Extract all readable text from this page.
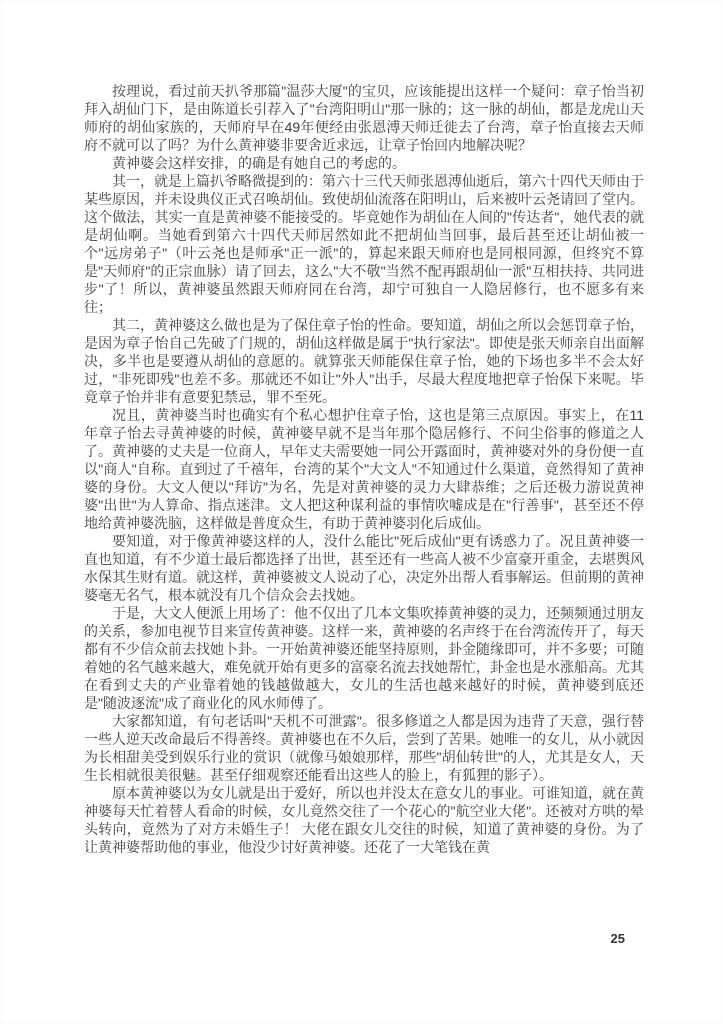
按理说，看过前天扒爷那篇"温莎大厦"的宝贝，应该能提出这样一个疑问：章子怡当初拜入胡仙门下，是由陈道长引荐入了"台湾阳明山"那一脉的；这一脉的胡仙，都是龙虎山天师府的胡仙家族的，天师府早在49年便经由张恩溥天师迁徙去了台湾，章子怡直接去天师府不就可以了吗？为什么黄神婆非要舍近求远，让章子怡回内地解决呢？

黄神婆会这样安排，的确是有她自己的考虑的。

其一，就是上篇扒爷略微提到的：第六十三代天师张恩溥仙逝后，第六十四代天师由于某些原因，并未设典仪正式召唤胡仙。致使胡仙流落在阳明山，后来被叶云尧请回了堂内。这个做法，其实一直是黄神婆不能接受的。毕竟她作为胡仙在人间的"传达者"，她代表的就是胡仙啊。当她看到第六十四代天师居然如此不把胡仙当回事，最后甚至还让胡仙被一个"远房弟子"（叶云尧也是师承"正一派"的，算起来跟天师府也是同根同源，但终究不算是"天师府"的正宗血脉）请了回去，这么"大不敬"当然不配再跟胡仙一派"互相扶持、共同进步"了！所以，黄神婆虽然跟天师府同在台湾，却宁可独自一人隐居修行，也不愿多有来往；

其二，黄神婆这么做也是为了保住章子怡的性命。要知道，胡仙之所以会惩罚章子怡，是因为章子怡自己先破了门规的，胡仙这样做是属于"执行家法"。即使是张天师亲自出面解决，多半也是要遵从胡仙的意愿的。就算张天师能保住章子怡，她的下场也多半不会太好过，"非死即残"也差不多。那就还不如让"外人"出手，尽最大程度地把章子怡保下来呢。毕竟章子怡并非有意要犯禁忌，罪不至死。

况且，黄神婆当时也确实有个私心想护住章子怡，这也是第三点原因。事实上，在11年章子怡去寻黄神婆的时候，黄神婆早就不是当年那个隐居修行、不问尘俗事的修道之人了。黄神婆的丈夫是一位商人，早年丈夫需要她一同公开露面时，黄神婆对外的身份便一直以"商人"自称。直到过了千禧年，台湾的某个"大文人"不知通过什么渠道，竟然得知了黄神婆的身份。大文人便以"拜访"为名，先是对黄神婆的灵力大肆恭维；之后还极力游说黄神婆"出世"为人算命、指点迷津。文人把这种谋利益的事情吹嘘成是在"行善事"，甚至还不停地给黄神婆洗脑，这样做是普度众生，有助于黄神婆羽化后成仙。

要知道，对于像黄神婆这样的人，没什么能比"死后成仙"更有诱惑力了。况且黄神婆一直也知道，有不少道士最后都选择了出世，甚至还有一些高人被不少富豪开重金，去堪舆风水保其生财有道。就这样，黄神婆被文人说动了心，决定外出帮人看事解运。但前期的黄神婆毫无名气，根本就没有几个信众会去找她。

于是，大文人便派上用场了：他不仅出了几本文集吹捧黄神婆的灵力，还频频通过朋友的关系，参加电视节目来宣传黄神婆。这样一来，黄神婆的名声终于在台湾流传开了，每天都有不少信众前去找她卜卦。一开始黄神婆还能坚持原则，卦金随缘即可，并不多要；可随着她的名气越来越大，难免就开始有更多的富豪名流去找她帮忙，卦金也是水涨船高。尤其在看到丈夫的产业靠着她的钱越做越大，女儿的生活也越来越好的时候，黄神婆到底还是"随波逐流"成了商业化的风水师傅了。

大家都知道，有句老话叫"天机不可泄露"。很多修道之人都是因为违背了天意，强行替一些人逆天改命最后不得善终。黄神婆也在不久后，尝到了苦果。她唯一的女儿，从小就因为长相甜美受到娱乐行业的赏识（就像马娘娘那样，那些"胡仙转世"的人，尤其是女人，天生长相就很美很魅。甚至仔细观察还能看出这些人的脸上，有狐狸的影子）。

原本黄神婆以为女儿就是出于爱好，所以也并没太在意女儿的事业。可谁知道，就在黄神婆每天忙着替人看命的时候，女儿竟然交往了一个花心的"航空业大佬"。还被对方哄的晕头转向，竟然为了对方未婚生子！ 大佬在跟女儿交往的时候，知道了黄神婆的身份。为了让黄神婆帮助他的事业，他没少讨好黄神婆。还花了一大笔钱在黄

25
